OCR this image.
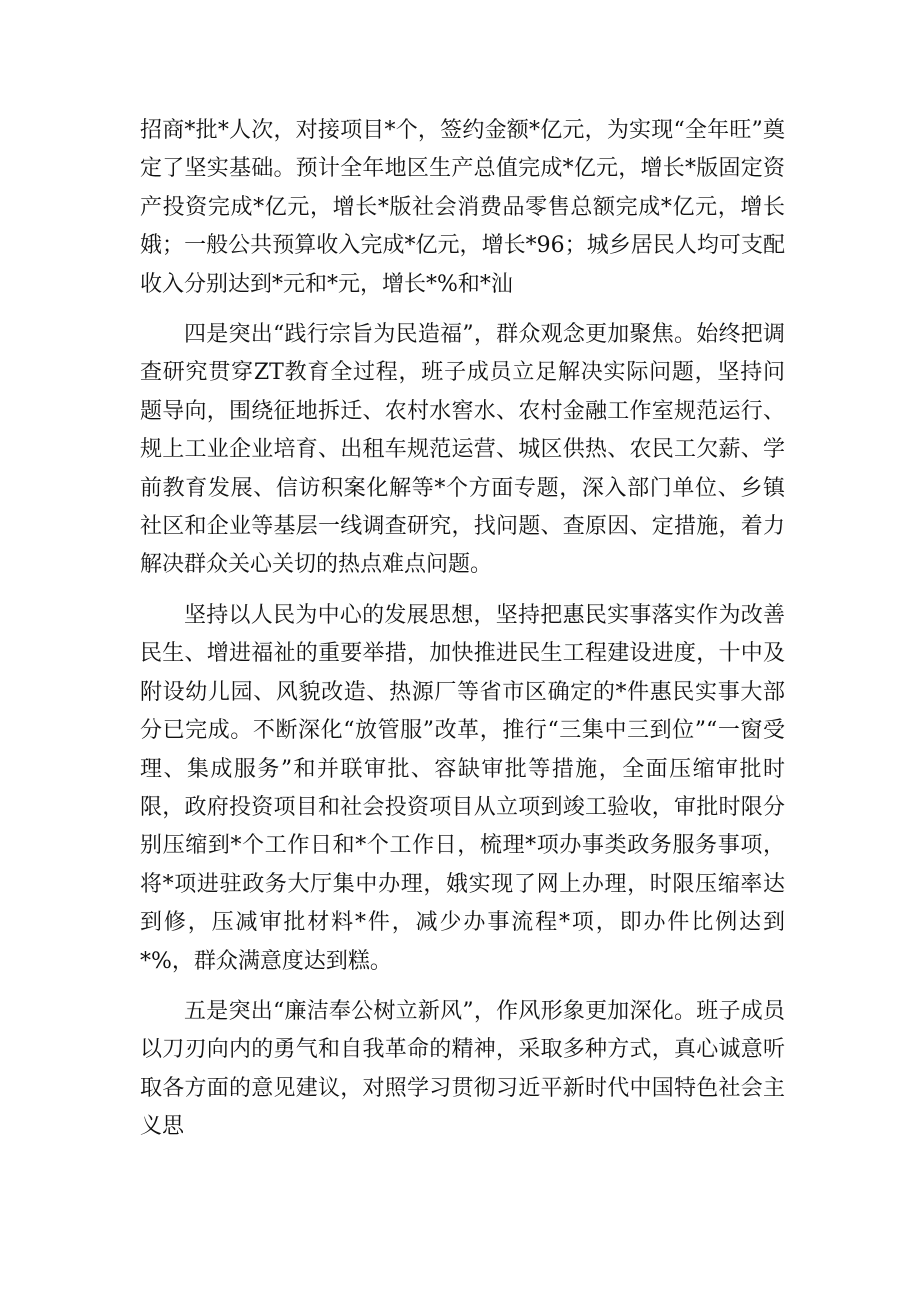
招商*批*人次，对接项目*个，签约金额*亿元，为实现“全年旺”奠定了坚实基础。预计全年地区生产总值完成*亿元，增长*版固定资产投资完成*亿元，增长*版社会消费品零售总额完成*亿元，增长娥；一般公共预算收入完成*亿元，增长*96；城乡居民人均可支配收入分别达到*元和*元，增长*%和*汕

四是突出“践行宗旨为民造福”，群众观念更加聚焦。始终把调查研究贯穿ZT教育全过程，班子成员立足解决实际问题，坚持问题导向，围绕征地拆迁、农村水窖水、农村金融工作室规范运行、规上工业企业培育、出租车规范运营、城区供热、农民工欠薪、学前教育发展、信访积案化解等*个方面专题，深入部门单位、乡镇社区和企业等基层一线调查研究，找问题、查原因、定措施，着力解决群众关心关切的热点难点问题。

坚持以人民为中心的发展思想，坚持把惠民实事落实作为改善民生、增进福祉的重要举措，加快推进民生工程建设进度，十中及附设幼儿园、风貌改造、热源厂等省市区确定的*件惠民实事大部分已完成。不断深化“放管服”改革，推行“三集中三到位”“一窗受理、集成服务”和并联审批、容缺审批等措施，全面压缩审批时限，政府投资项目和社会投资项目从立项到竣工验收，审批时限分别压缩到*个工作日和*个工作日，梳理*项办事类政务服务事项，将*项进驻政务大厅集中办理，娥实现了网上办理，时限压缩率达到修，压减审批材料*件，减少办事流程*项，即办件比例达到*%，群众满意度达到糕。

五是突出“廉洁奉公树立新风”，作风形象更加深化。班子成员以刀刃向内的勇气和自我革命的精神，采取多种方式，真心诚意听取各方面的意见建议，对照学习贯彻习近平新时代中国特色社会主义思
